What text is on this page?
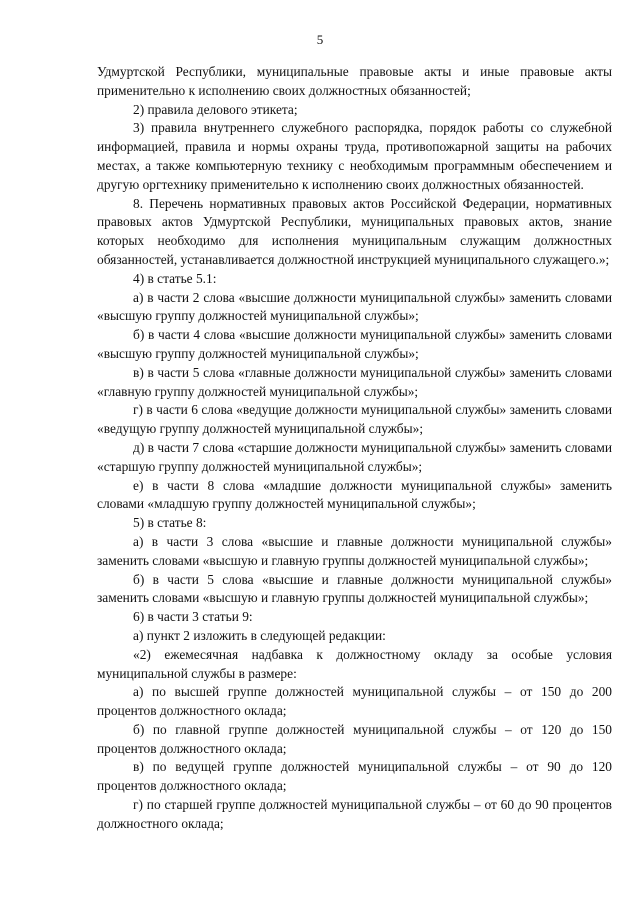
5

Удмуртской Республики, муниципальные правовые акты и иные правовые акты применительно к исполнению своих должностных обязанностей;

2) правила делового этикета;

3) правила внутреннего служебного распорядка, порядок работы со служебной информацией, правила и нормы охраны труда, противопожарной защиты на рабочих местах, а также компьютерную технику с необходимым программным обеспечением и другую оргтехнику применительно к исполнению своих должностных обязанностей.

8. Перечень нормативных правовых актов Российской Федерации, нормативных правовых актов Удмуртской Республики, муниципальных правовых актов, знание которых необходимо для исполнения муниципальным служащим должностных обязанностей, устанавливается должностной инструкцией муниципального служащего.»;

4) в статье 5.1:

а) в части 2 слова «высшие должности муниципальной службы» заменить словами «высшую группу должностей муниципальной службы»;

б) в части 4 слова «высшие должности муниципальной службы» заменить словами «высшую группу должностей муниципальной службы»;

в) в части 5 слова «главные должности муниципальной службы» заменить словами «главную группу должностей муниципальной службы»;

г) в части 6 слова «ведущие должности муниципальной службы» заменить словами «ведущую группу должностей муниципальной службы»;

д) в части 7 слова «старшие должности муниципальной службы» заменить словами «старшую группу должностей муниципальной службы»;

е) в части 8 слова «младшие должности муниципальной службы» заменить словами «младшую группу должностей муниципальной службы»;

5) в статье 8:

а) в части 3 слова «высшие и главные должности муниципальной службы» заменить словами «высшую и главную группы должностей муниципальной службы»;

б) в части 5 слова «высшие и главные должности муниципальной службы» заменить словами «высшую и главную группы должностей муниципальной службы»;

6) в части 3 статьи 9:

а) пункт 2 изложить в следующей редакции:

«2) ежемесячная надбавка к должностному окладу за особые условия муниципальной службы в размере:

а) по высшей группе должностей муниципальной службы – от 150 до 200 процентов должностного оклада;

б) по главной группе должностей муниципальной службы – от 120 до 150 процентов должностного оклада;

в) по ведущей группе должностей муниципальной службы – от 90 до 120 процентов должностного оклада;

г) по старшей группе должностей муниципальной службы – от 60 до 90 процентов должностного оклада;
